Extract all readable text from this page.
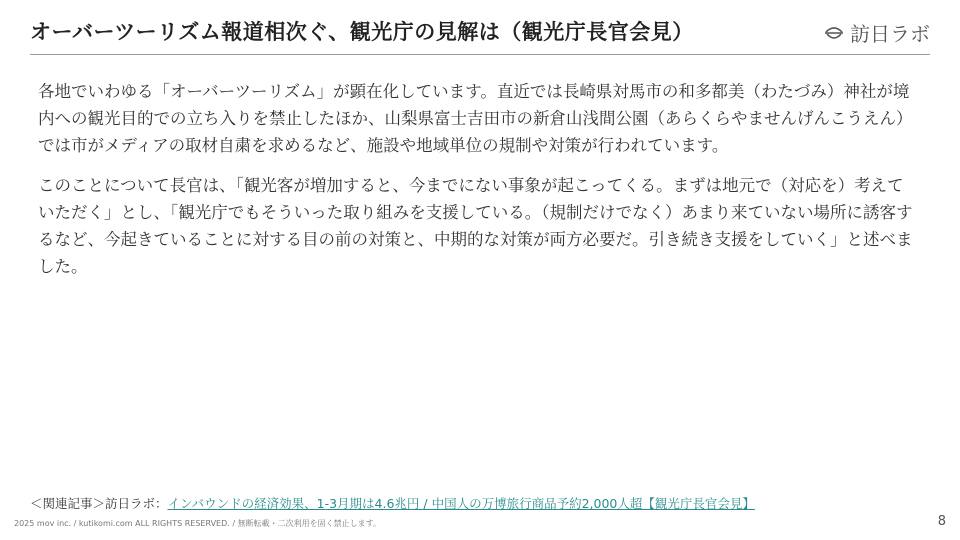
オーバーツーリズム報道相次ぐ、観光庁の見解は（観光庁長官会見）	訪日ラボ

各地でいわゆる「オーバーツーリズム」が顕在化しています。直近では長崎県対馬市の和多都美（わたづみ）神社が境内への観光目的での立ち入りを禁止したほか、山梨県富士吉田市の新倉山浅間公園（あらくらやませんげんこうえん）では市がメディアの取材自粛を求めるなど、施設や地域単位の規制や対策が行われています。

このことについて長官は、「観光客が増加すると、今までにない事象が起こってくる。まずは地元で（対応を）考えていただく」とし、「観光庁でもそういった取り組みを支援している。（規制だけでなく）あまり来ていない場所に誘客するなど、今起きていることに対する目の前の対策と、中期的な対策が両方必要だ。引き続き支援をしていく」と述べました。

＜関連記事＞訪日ラボ：インバウンドの経済効果、1-3月期は4.6兆円 / 中国人の万博旅行商品予約2,000人超【観光庁長官会見】
2025 mov inc. / kutikomi.com ALL RIGHTS RESERVED. / 無断転載・二次利用を固く禁止します。	8
